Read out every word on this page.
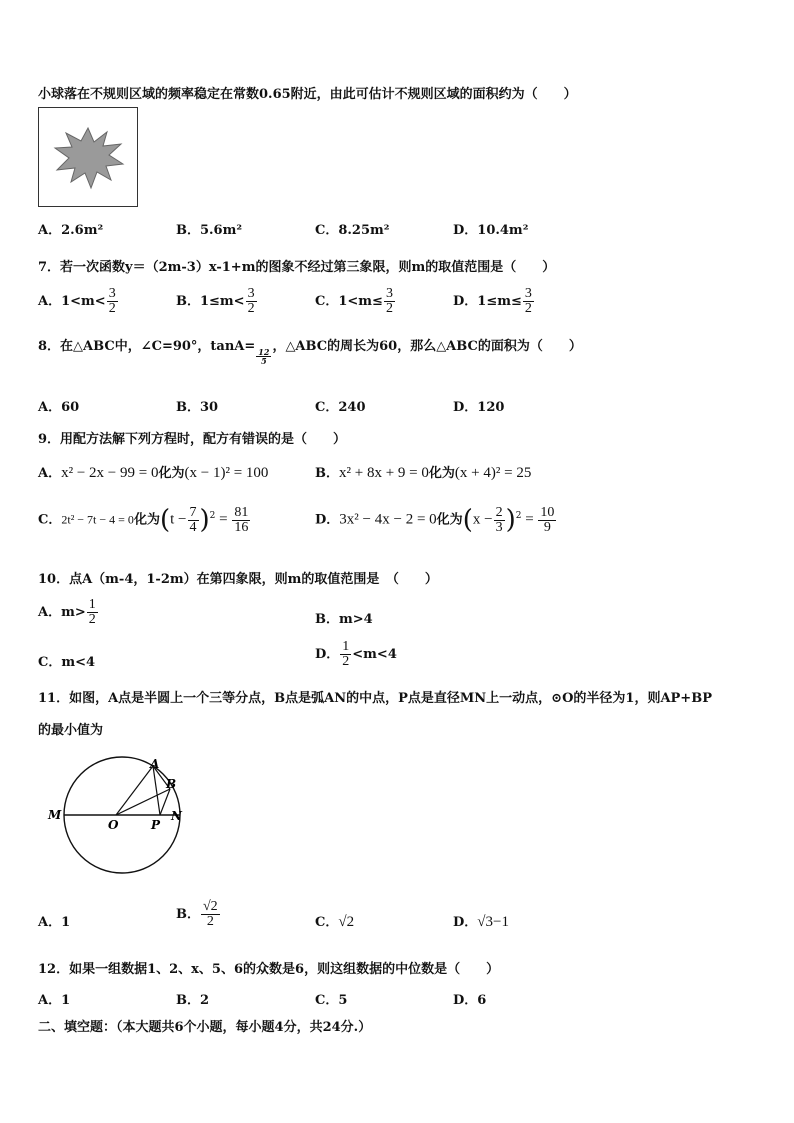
小球落在不规则区域的频率稳定在常数0.65附近，由此可估计不规则区域的面积约为（　　）
A．2.6m²	B．5.6m²	C．8.25m²	D．10.4m²
7．若一次函数y＝（2m-3）x-1+m的图象不经过第三象限，则m的取值范围是（　　）
A．$1<m< \frac{3}{2}$	B．$1\le m< \frac{3}{2}$	C．$1<m\le \frac{3}{2}$	D．$1\le m\le \frac{3}{2}$
8．在△ABC中，∠C=90°，tanA=
$\frac{12}{5}$
，△ABC的周长为60，那么△ABC的面积为（　　）
A．60	B．30	C．240	D．120
9．用配方法解下列方程时，配方有错误的是（　　）
A．x² − 2x − 99 = 0化为(x − 1)² = 100	B．x² + 8x + 9 = 0化为(x + 4)² = 25
C．2t² − 7t − 4 = 0化为$(t - \frac{7}{4} )^2 = \frac{81}{16}$	D．3x² − 4x − 2 = 0化为$(x - \frac{2}{3} )^2 = \frac{10}{9}$
10．点A（m-4，1-2m）在第四象限，则m的取值范围是　（　　）
A．$m> \frac{1}{2}$	B．m>4
C．m<4
D． $\frac{1}{2} <m<4$
11．如图，A点是半圆上一个三等分点，B点是弧AN的中点，P点是直径MN上一动点，⊙O的半径为1，则AP+BP
的最小值为
A
B
M
O	P
N
A．1
B． $\frac{√2}{2}$	C．√2	D．√3−1
12．如果一组数据1、2、x、5、6的众数是6，则这组数据的中位数是（　　）
A．1	B．2	C．5	D．6
二、填空题：（本大题共6个小题，每小题4分，共24分.）
